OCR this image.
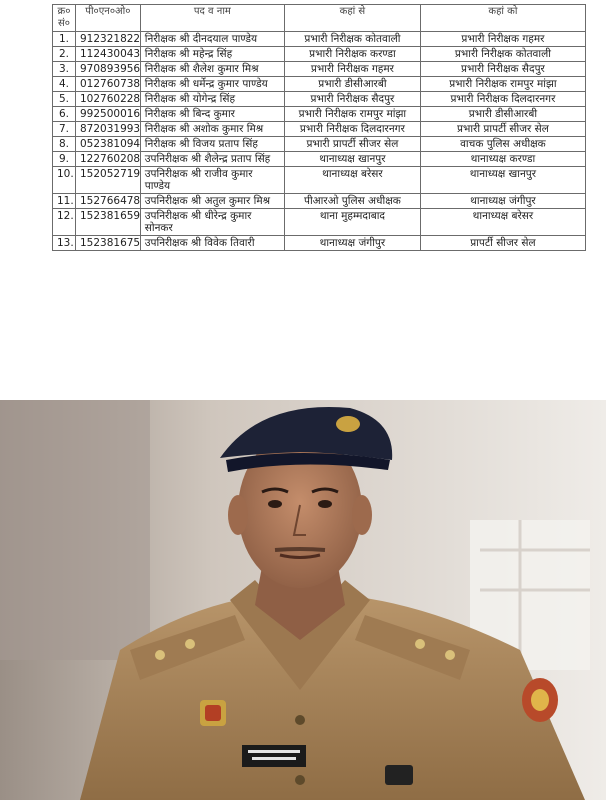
क्र० सं०	पी०एन०ओ०	पद व नाम	कहां से	कहां को
1.	912321822	निरीक्षक श्री दीनदयाल पाण्डेय	प्रभारी निरीक्षक कोतवाली	प्रभारी निरीक्षक गहमर
2.	112430043	निरीक्षक श्री महेन्द्र सिंह	प्रभारी निरीक्षक करण्डा	प्रभारी निरीक्षक कोतवाली
3.	970893956	निरीक्षक श्री शैलेश कुमार मिश्र	प्रभारी निरीक्षक गहमर	प्रभारी निरीक्षक सैदपुर
4.	012760738	निरीक्षक श्री धर्मेन्द्र कुमार पाण्डेय	प्रभारी डीसीआरबी	प्रभारी निरीक्षक रामपुर मांझा
5.	102760228	निरीक्षक श्री योगेन्द्र सिंह	प्रभारी निरीक्षक सैदपुर	प्रभारी निरीक्षक दिलदारनगर
6.	992500016	निरीक्षक श्री बिन्द कुमार	प्रभारी निरीक्षक रामपुर मांझा	प्रभारी डीसीआरबी
7.	872031993	निरीक्षक श्री अशोक कुमार मिश्र	प्रभारी निरीक्षक दिलदारनगर	प्रभारी प्रापर्टी सीजर सेल
8.	052381094	निरीक्षक श्री विजय प्रताप सिंह	प्रभारी प्रापर्टी सीजर सेल	वाचक पुलिस अधीक्षक
9.	122760208	उपनिरीक्षक श्री शैलेन्द्र प्रताप सिंह	थानाध्यक्ष खानपुर	थानाध्यक्ष करण्डा
10.	152052719	उपनिरीक्षक श्री राजीव कुमार पाण्डेय	थानाध्यक्ष बरेसर	थानाध्यक्ष खानपुर
11.	152766478	उपनिरीक्षक श्री अतुल कुमार मिश्र	पीआरओ पुलिस अधीक्षक	थानाध्यक्ष जंगीपुर
12.	152381659	उपनिरीक्षक श्री धीरेन्द्र कुमार सोनकर	थाना मुहम्मदाबाद	थानाध्यक्ष बरेसर
13.	152381675	उपनिरीक्षक श्री विवेक तिवारी	थानाध्यक्ष जंगीपुर	प्रापर्टी सीजर सेल
